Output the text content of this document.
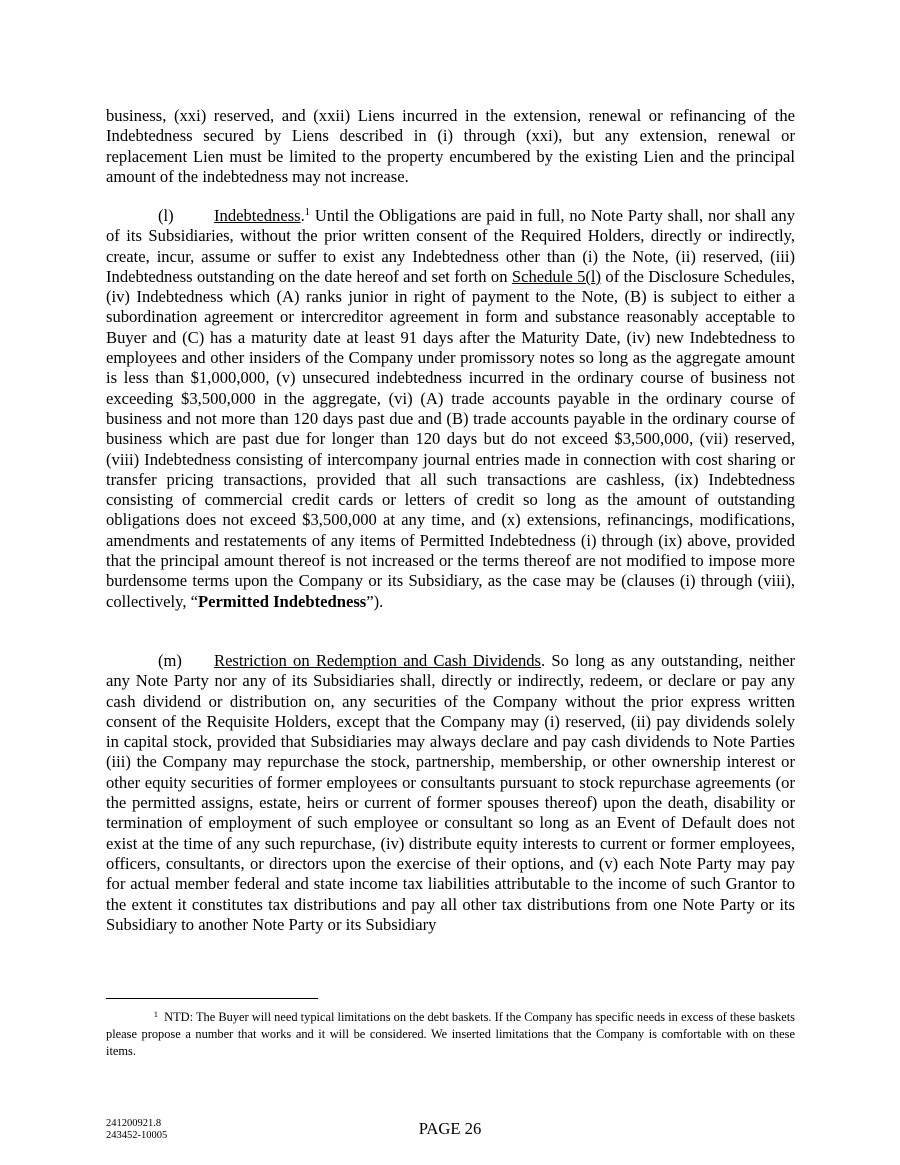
business, (xxi) reserved, and (xxii) Liens incurred in the extension, renewal or refinancing of the Indebtedness secured by Liens described in (i) through (xxi), but any extension, renewal or replacement Lien must be limited to the property encumbered by the existing Lien and the principal amount of the indebtedness may not increase.

(l) Indebtedness.$^1$ Until the Obligations are paid in full, no Note Party shall, nor shall any of its Subsidiaries, without the prior written consent of the Required Holders, directly or indirectly, create, incur, assume or suffer to exist any Indebtedness other than (i) the Note, (ii) reserved, (iii) Indebtedness outstanding on the date hereof and set forth on Schedule 5(l) of the Disclosure Schedules, (iv) Indebtedness which (A) ranks junior in right of payment to the Note, (B) is subject to either a subordination agreement or intercreditor agreement in form and substance reasonably acceptable to Buyer and (C) has a maturity date at least 91 days after the Maturity Date, (iv) new Indebtedness to employees and other insiders of the Company under promissory notes so long as the aggregate amount is less than $1,000,000, (v) unsecured indebtedness incurred in the ordinary course of business not exceeding $3,500,000 in the aggregate, (vi) (A) trade accounts payable in the ordinary course of business and not more than 120 days past due and (B) trade accounts payable in the ordinary course of business which are past due for longer than 120 days but do not exceed $3,500,000, (vii) reserved, (viii) Indebtedness consisting of intercompany journal entries made in connection with cost sharing or transfer pricing transactions, provided that all such transactions are cashless, (ix) Indebtedness consisting of commercial credit cards or letters of credit so long as the amount of outstanding obligations does not exceed $3,500,000 at any time, and (x) extensions, refinancings, modifications, amendments and restatements of any items of Permitted Indebtedness (i) through (ix) above, provided that the principal amount thereof is not increased or the terms thereof are not modified to impose more burdensome terms upon the Company or its Subsidiary, as the case may be (clauses (i) through (viii), collectively, “Permitted Indebtedness”).

(m) Restriction on Redemption and Cash Dividends. So long as any outstanding, neither any Note Party nor any of its Subsidiaries shall, directly or indirectly, redeem, or declare or pay any cash dividend or distribution on, any securities of the Company without the prior express written consent of the Requisite Holders, except that the Company may (i) reserved, (ii) pay dividends solely in capital stock, provided that Subsidiaries may always declare and pay cash dividends to Note Parties (iii) the Company may repurchase the stock, partnership, membership, or other ownership interest or other equity securities of former employees or consultants pursuant to stock repurchase agreements (or the permitted assigns, estate, heirs or current of former spouses thereof) upon the death, disability or termination of employment of such employee or consultant so long as an Event of Default does not exist at the time of any such repurchase, (iv) distribute equity interests to current or former employees, officers, consultants, or directors upon the exercise of their options, and (v) each Note Party may pay for actual member federal and state income tax liabilities attributable to the income of such Grantor to the extent it constitutes tax distributions and pay all other tax distributions from one Note Party or its Subsidiary to another Note Party or its Subsidiary

$^1$ NTD: The Buyer will need typical limitations on the debt baskets. If the Company has specific needs in excess of these baskets please propose a number that works and it will be considered. We inserted limitations that the Company is comfortable with on these items.

241200921.8
243452-10005	PAGE 26
